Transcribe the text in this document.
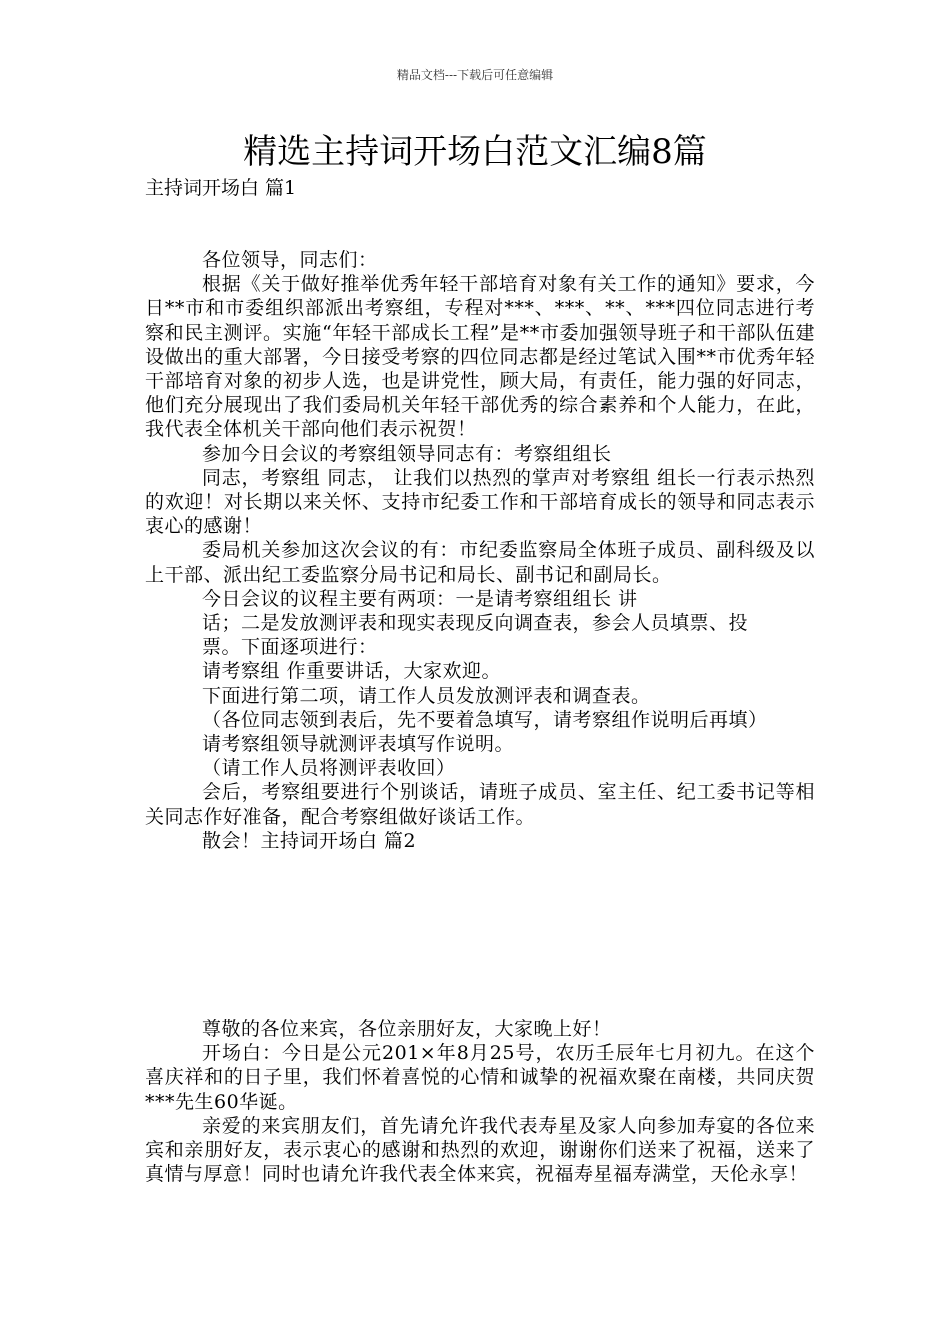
精品文档---下载后可任意编辑
精选主持词开场白范文汇编8篇
主持词开场白 篇1

各位领导，同志们：

根据《关于做好推举优秀年轻干部培育对象有关工作的通知》要求，今日**市和市委组织部派出考察组，专程对***、***、**、***四位同志进行考察和民主测评。实施“年轻干部成长工程”是**市委加强领导班子和干部队伍建设做出的重大部署，今日接受考察的四位同志都是经过笔试入围**市优秀年轻干部培育对象的初步人选，也是讲党性，顾大局，有责任，能力强的好同志，他们充分展现出了我们委局机关年轻干部优秀的综合素养和个人能力，在此，我代表全体机关干部向他们表示祝贺！

参加今日会议的考察组领导同志有：考察组组长

同志，考察组 同志， 让我们以热烈的掌声对考察组 组长一行表示热烈的欢迎！对长期以来关怀、支持市纪委工作和干部培育成长的领导和同志表示衷心的感谢！

委局机关参加这次会议的有：市纪委监察局全体班子成员、副科级及以上干部、派出纪工委监察分局书记和局长、副书记和副局长。

今日会议的议程主要有两项：一是请考察组组长 讲

话；二是发放测评表和现实表现反向调查表，参会人员填票、投

票。下面逐项进行：

请考察组 作重要讲话，大家欢迎。

下面进行第二项，请工作人员发放测评表和调查表。

（各位同志领到表后，先不要着急填写，请考察组作说明后再填）

请考察组领导就测评表填写作说明。

（请工作人员将测评表收回）

会后，考察组要进行个别谈话，请班子成员、室主任、纪工委书记等相关同志作好准备，配合考察组做好谈话工作。

散会！主持词开场白 篇2

尊敬的各位来宾，各位亲朋好友，大家晚上好！

开场白：今日是公元201×年8月25号，农历壬辰年七月初九。在这个喜庆祥和的日子里，我们怀着喜悦的心情和诚挚的祝福欢聚在南楼，共同庆贺***先生60华诞。

亲爱的来宾朋友们，首先请允许我代表寿星及家人向参加寿宴的各位来宾和亲朋好友，表示衷心的感谢和热烈的欢迎，谢谢你们送来了祝福，送来了真情与厚意！同时也请允许我代表全体来宾，祝福寿星福寿满堂，天伦永享！
